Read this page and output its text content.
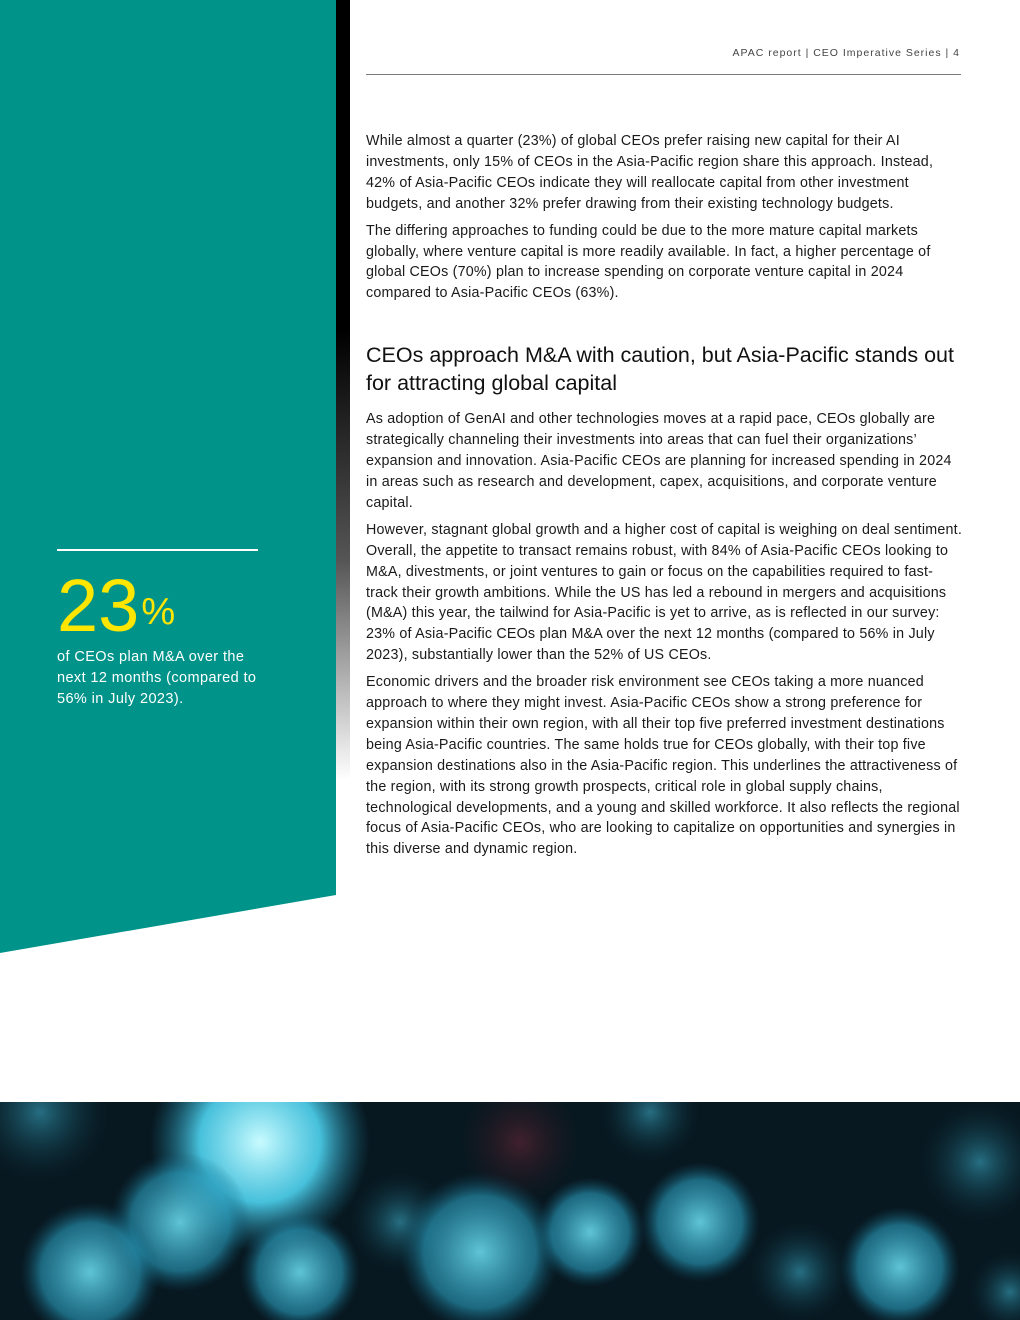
APAC report | CEO Imperative Series | 4

While almost a quarter (23%) of global CEOs prefer raising new capital for their AI investments, only 15% of CEOs in the Asia-Pacific region share this approach. Instead, 42% of Asia-Pacific CEOs indicate they will reallocate capital from other investment budgets, and another 32% prefer drawing from their existing technology budgets.

The differing approaches to funding could be due to the more mature capital markets globally, where venture capital is more readily available. In fact, a higher percentage of global CEOs (70%) plan to increase spending on corporate venture capital in 2024 compared to Asia-Pacific CEOs (63%).

CEOs approach M&A with caution, but Asia-Pacific stands out for attracting global capital

As adoption of GenAI and other technologies moves at a rapid pace, CEOs globally are strategically channeling their investments into areas that can fuel their organizations’ expansion and innovation. Asia-Pacific CEOs are planning for increased spending in 2024 in areas such as research and development, capex, acquisitions, and corporate venture capital.

However, stagnant global growth and a higher cost of capital is weighing on deal sentiment. Overall, the appetite to transact remains robust, with 84% of Asia-Pacific CEOs looking to M&A, divestments, or joint ventures to gain or focus on the capabilities required to fast-track their growth ambitions. While the US has led a rebound in mergers and acquisitions (M&A) this year, the tailwind for Asia-Pacific is yet to arrive, as is reflected in our survey: 23% of Asia-Pacific CEOs plan M&A over the next 12 months (compared to 56% in July 2023), substantially lower than the 52% of US CEOs.

Economic drivers and the broader risk environment see CEOs taking a more nuanced approach to where they might invest. Asia-Pacific CEOs show a strong preference for expansion within their own region, with all their top five preferred investment destinations being Asia-Pacific countries. The same holds true for CEOs globally, with their top five expansion destinations also in the Asia-Pacific region. This underlines the attractiveness of the region, with its strong growth prospects, critical role in global supply chains, technological developments, and a young and skilled workforce. It also reflects the regional focus of Asia-Pacific CEOs, who are looking to capitalize on opportunities and synergies in this diverse and dynamic region.

23%
of CEOs plan M&A over the next 12 months (compared to 56% in July 2023).
